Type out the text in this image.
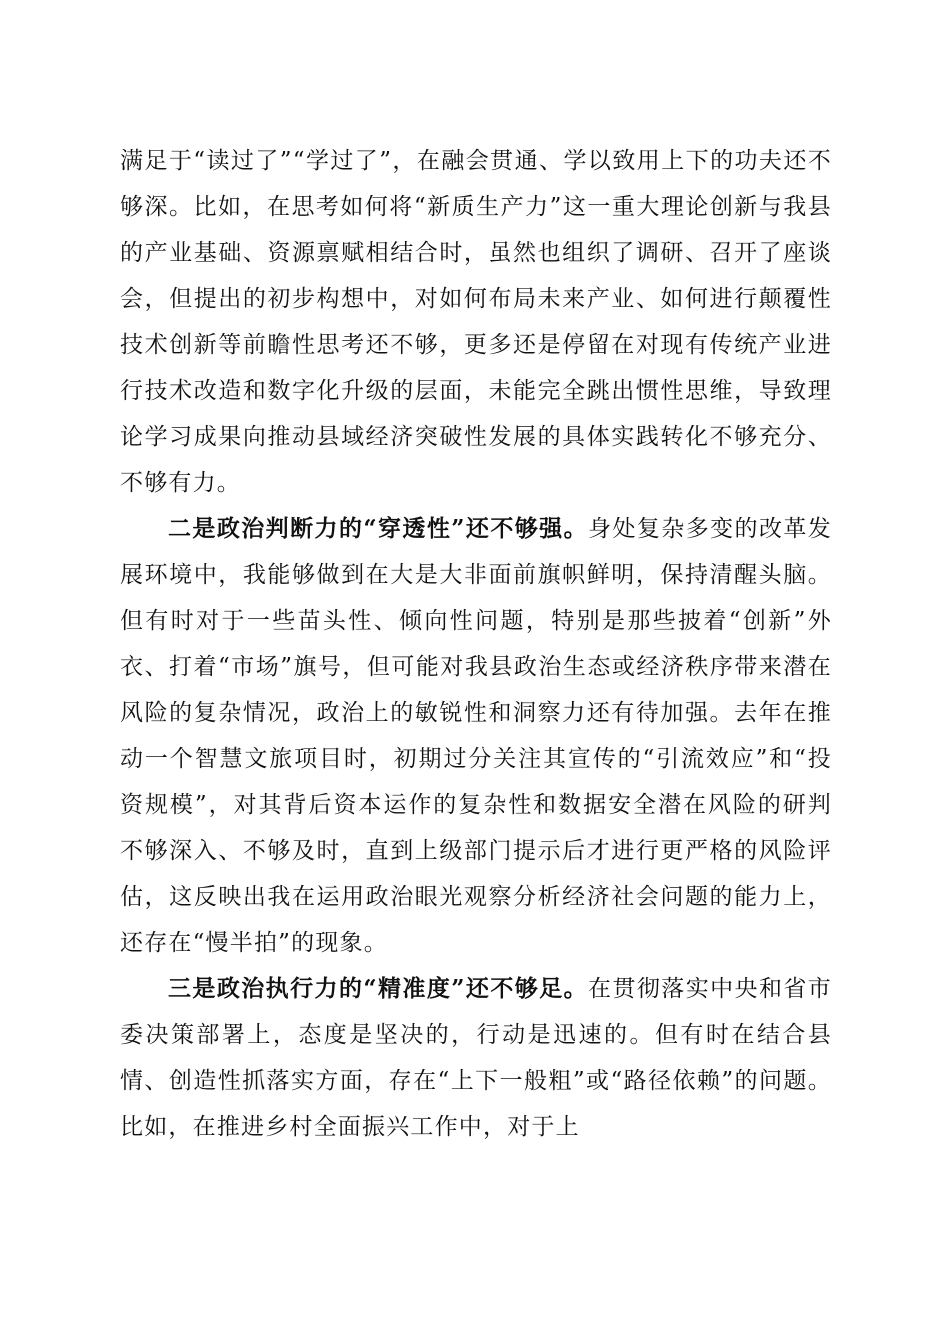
满足于“读过了”“学过了”，在融会贯通、学以致用上下的功夫还不够深。比如，在思考如何将“新质生产力”这一重大理论创新与我县的产业基础、资源禀赋相结合时，虽然也组织了调研、召开了座谈会，但提出的初步构想中，对如何布局未来产业、如何进行颠覆性技术创新等前瞻性思考还不够，更多还是停留在对现有传统产业进行技术改造和数字化升级的层面，未能完全跳出惯性思维，导致理论学习成果向推动县域经济突破性发展的具体实践转化不够充分、不够有力。

二是政治判断力的“穿透性”还不够强。身处复杂多变的改革发展环境中，我能够做到在大是大非面前旗帜鲜明，保持清醒头脑。但有时对于一些苗头性、倾向性问题，特别是那些披着“创新”外衣、打着“市场”旗号，但可能对我县政治生态或经济秩序带来潜在风险的复杂情况，政治上的敏锐性和洞察力还有待加强。去年在推动一个智慧文旅项目时，初期过分关注其宣传的“引流效应”和“投资规模”，对其背后资本运作的复杂性和数据安全潜在风险的研判不够深入、不够及时，直到上级部门提示后才进行更严格的风险评估，这反映出我在运用政治眼光观察分析经济社会问题的能力上，还存在“慢半拍”的现象。

三是政治执行力的“精准度”还不够足。在贯彻落实中央和省市委决策部署上，态度是坚决的，行动是迅速的。但有时在结合县情、创造性抓落实方面，存在“上下一般粗”或“路径依赖”的问题。比如，在推进乡村全面振兴工作中，对于上
